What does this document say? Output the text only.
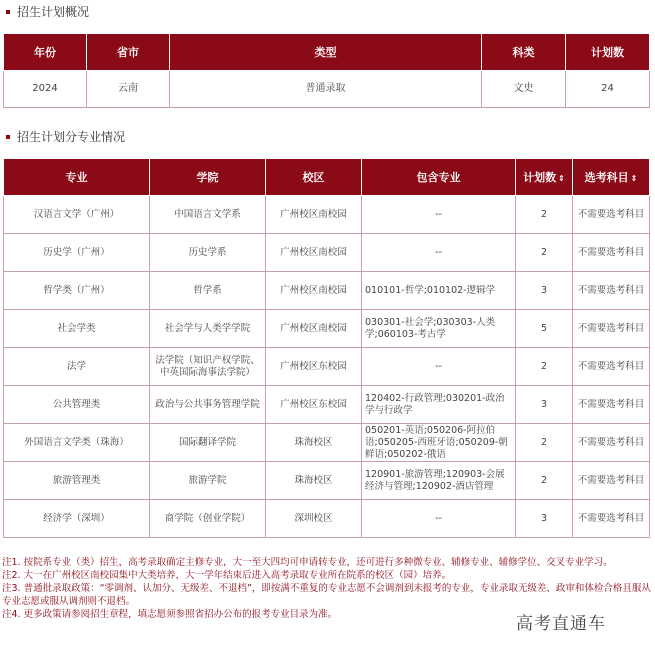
招生计划概况
年份	省市	类型	科类	计划数
2024	云南	普通录取	文史	24
招生计划分专业情况
专业	学院	校区	包含专业	计划数 ⇕	选考科目 ⇕
汉语言文学（广州）	中国语言文学系	广州校区南校园	--	2	不需要选考科目
历史学（广州）	历史学系	广州校区南校园	--	2	不需要选考科目
哲学类（广州）	哲学系	广州校区南校园	010101-哲学;010102-逻辑学	3	不需要选考科目
社会学类	社会学与人类学学院	广州校区南校园	030301-社会学;030303-人类学;060103-考古学	5	不需要选考科目
法学	法学院（知识产权学院、中英国际海事法学院）	广州校区东校园	--	2	不需要选考科目
公共管理类	政治与公共事务管理学院	广州校区东校园	120402-行政管理;030201-政治学与行政学	3	不需要选考科目
外国语言文学类（珠海）	国际翻译学院	珠海校区	050201-英语;050206-阿拉伯语;050205-西班牙语;050209-朝鲜语;050202-俄语	2	不需要选考科目
旅游管理类	旅游学院	珠海校区	120901-旅游管理;120903-会展经济与管理;120902-酒店管理	2	不需要选考科目
经济学（深圳）	商学院（创业学院）	深圳校区	--	3	不需要选考科目
注1. 按院系专业（类）招生，高考录取确定主修专业，大一至大四均可申请转专业，还可进行多种微专业、辅修专业、辅修学位、交叉专业学习。
注2. 大一在广州校区南校园集中大类培养，大一学年结束后进入高考录取专业所在院系的校区（园）培养。
注3. 普通批录取政策：“零调剂、认加分、无级差、不退档”，即按满不重复的专业志愿不会调剂到未报考的专业，专业录取无级差、政审和体检合格且服从专业志愿或服从调剂则不退档。
注4. 更多政策请参阅招生章程，填志愿须参照省招办公布的报考专业目录为准。	高考直通车
